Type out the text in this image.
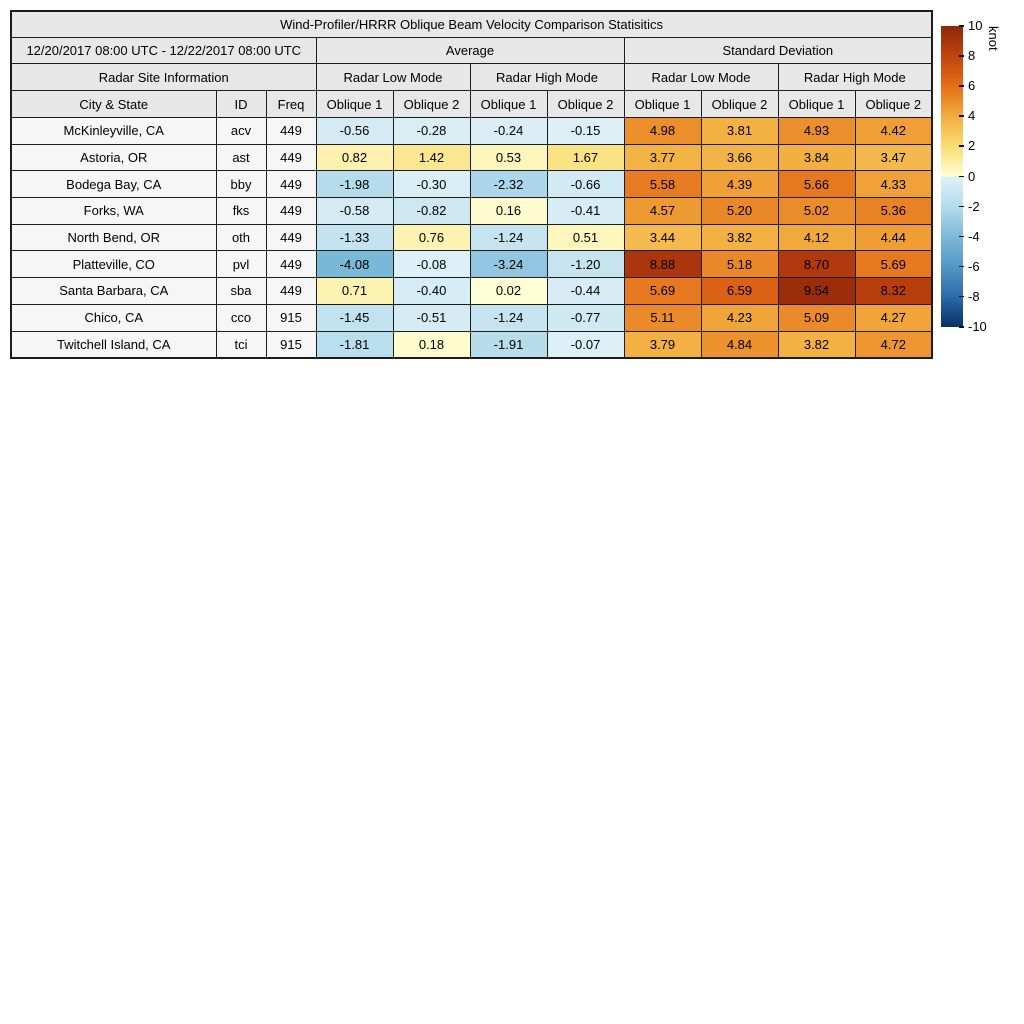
Wind-Profiler/HRRR Oblique Beam Velocity Comparison Statisitics										
12/20/2017 08:00 UTC - 12/22/2017 08:00 UTC			Average				Standard Deviation			
Radar Site Information			Radar Low Mode		Radar High Mode		Radar Low Mode		Radar High Mode	
City & State	ID	Freq	Oblique 1	Oblique 2	Oblique 1	Oblique 2	Oblique 1	Oblique 2	Oblique 1	Oblique 2
McKinleyville, CA	acv	449	-0.56	-0.28	-0.24	-0.15	4.98	3.81	4.93	4.42
Astoria, OR	ast	449	0.82	1.42	0.53	1.67	3.77	3.66	3.84	3.47
Bodega Bay, CA	bby	449	-1.98	-0.30	-2.32	-0.66	5.58	4.39	5.66	4.33
Forks, WA	fks	449	-0.58	-0.82	0.16	-0.41	4.57	5.20	5.02	5.36
North Bend, OR	oth	449	-1.33	0.76	-1.24	0.51	3.44	3.82	4.12	4.44
Platteville, CO	pvl	449	-4.08	-0.08	-3.24	-1.20	8.88	5.18	8.70	5.69
Santa Barbara, CA	sba	449	0.71	-0.40	0.02	-0.44	5.69	6.59	9.54	8.32
Chico, CA	cco	915	-1.45	-0.51	-1.24	-0.77	5.11	4.23	5.09	4.27
Twitchell Island, CA	tci	915	-1.81	0.18	-1.91	-0.07	3.79	4.84	3.82	4.72
10
8
6
4
2
0
-2
-4
-6
-8
-10
knot
